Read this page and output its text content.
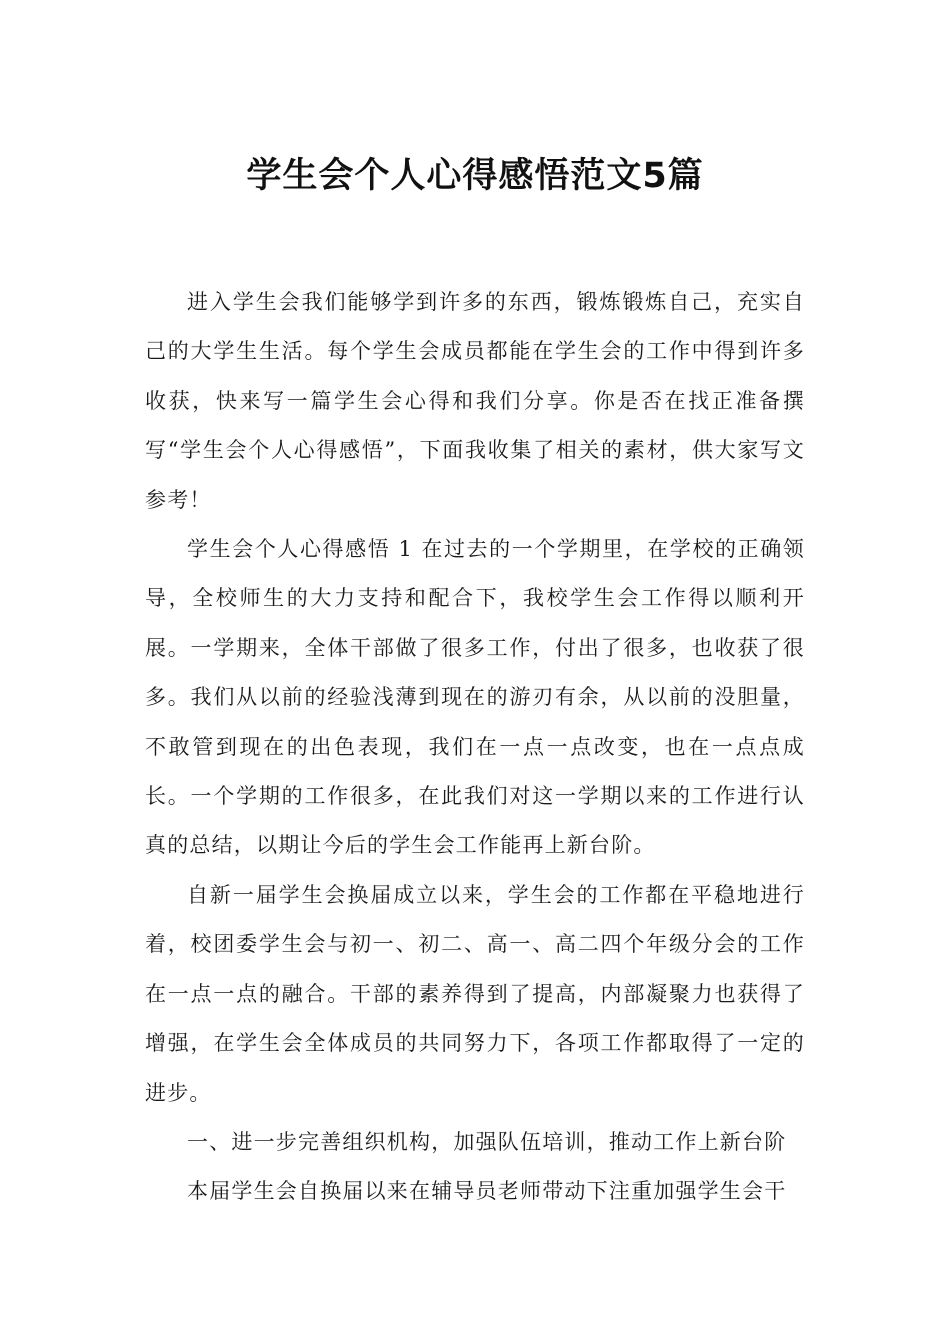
学生会个人心得感悟范文5篇

进入学生会我们能够学到许多的东西，锻炼锻炼自己，充实自己的大学生生活。每个学生会成员都能在学生会的工作中得到许多收获，快来写一篇学生会心得和我们分享。你是否在找正准备撰写“学生会个人心得感悟”，下面我收集了相关的素材，供大家写文参考！

学生会个人心得感悟 1 在过去的一个学期里，在学校的正确领导，全校师生的大力支持和配合下，我校学生会工作得以顺利开展。一学期来，全体干部做了很多工作，付出了很多，也收获了很多。我们从以前的经验浅薄到现在的游刃有余，从以前的没胆量，不敢管到现在的出色表现，我们在一点一点改变，也在一点点成长。一个学期的工作很多，在此我们对这一学期以来的工作进行认真的总结，以期让今后的学生会工作能再上新台阶。

自新一届学生会换届成立以来，学生会的工作都在平稳地进行着，校团委学生会与初一、初二、高一、高二四个年级分会的工作在一点一点的融合。干部的素养得到了提高，内部凝聚力也获得了增强，在学生会全体成员的共同努力下，各项工作都取得了一定的进步。

一、进一步完善组织机构，加强队伍培训，推动工作上新台阶

本届学生会自换届以来在辅导员老师带动下注重加强学生会干
